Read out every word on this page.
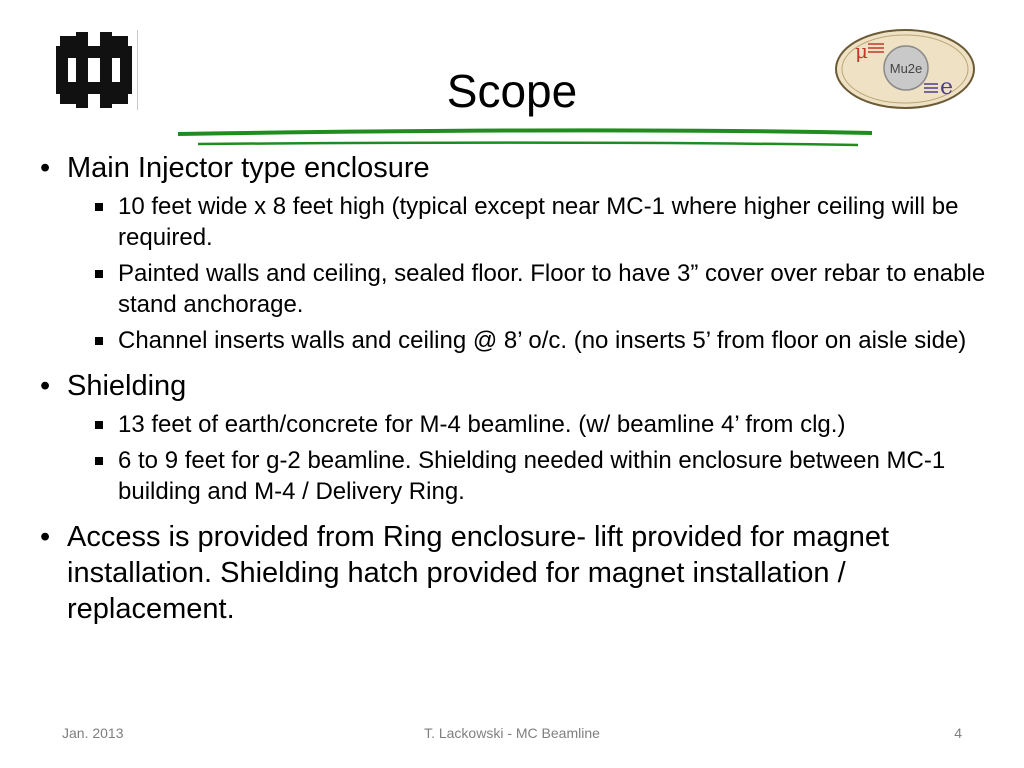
Scope
μ
e
Mu2e
• Main Injector type enclosure
10 feet wide x 8 feet high (typical except near MC-1 where higher ceiling will be required.
Painted walls and ceiling, sealed floor. Floor to have 3” cover over rebar to enable stand anchorage.
Channel inserts walls and ceiling @ 8’ o/c. (no inserts 5’ from floor on aisle side)
• Shielding
13 feet of earth/concrete for M-4 beamline. (w/ beamline 4’ from clg.)
6 to 9 feet for g-2 beamline. Shielding needed within enclosure between MC-1 building and M-4 / Delivery Ring.
• Access is provided from Ring enclosure- lift provided for magnet installation. Shielding hatch provided for magnet installation / replacement.
Jan. 2013	T. Lackowski - MC Beamline	4
